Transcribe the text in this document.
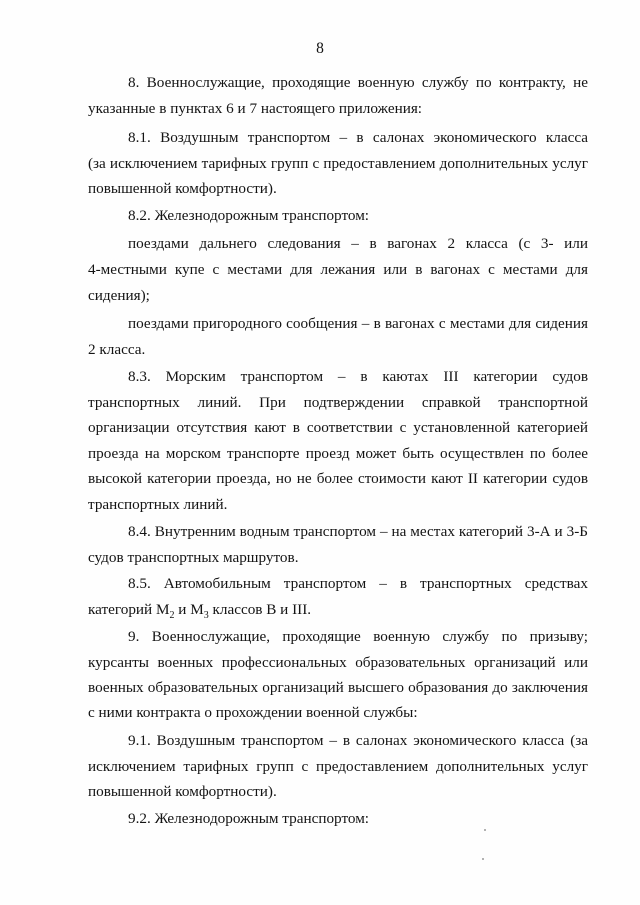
8
8. Военнослужащие, проходящие военную службу по контракту, не
указанные в пунктах 6 и 7 настоящего приложения:
8.1. Воздушным транспортом – в салонах экономического класса
(за исключением тарифных групп с предоставлением дополнительных услуг
повышенной комфортности).
8.2. Железнодорожным транспортом:
поездами дальнего следования – в вагонах 2 класса (с 3- или
4-местными купе с местами для лежания или в вагонах с местами для
сидения);
поездами пригородного сообщения – в вагонах с местами для сидения
2 класса.
8.3. Морским транспортом – в каютах III категории судов
транспортных линий. При подтверждении справкой транспортной
организации отсутствия кают в соответствии с установленной категорией
проезда на морском транспорте проезд может быть осуществлен по более
высокой категории проезда, но не более стоимости кают II категории судов
транспортных линий.
8.4. Внутренним водным транспортом – на местах категорий 3-А и 3-Б
судов транспортных маршрутов.
8.5. Автомобильным транспортом – в транспортных средствах
категорий $M_2$ и $M_3$ классов В и III.
9. Военнослужащие, проходящие военную службу по призыву;
курсанты военных профессиональных образовательных организаций или
военных образовательных организаций высшего образования до заключения
с ними контракта о прохождении военной службы:
9.1. Воздушным транспортом – в салонах экономического класса (за
исключением тарифных групп с предоставлением дополнительных услуг
повышенной комфортности).
9.2. Железнодорожным транспортом:
